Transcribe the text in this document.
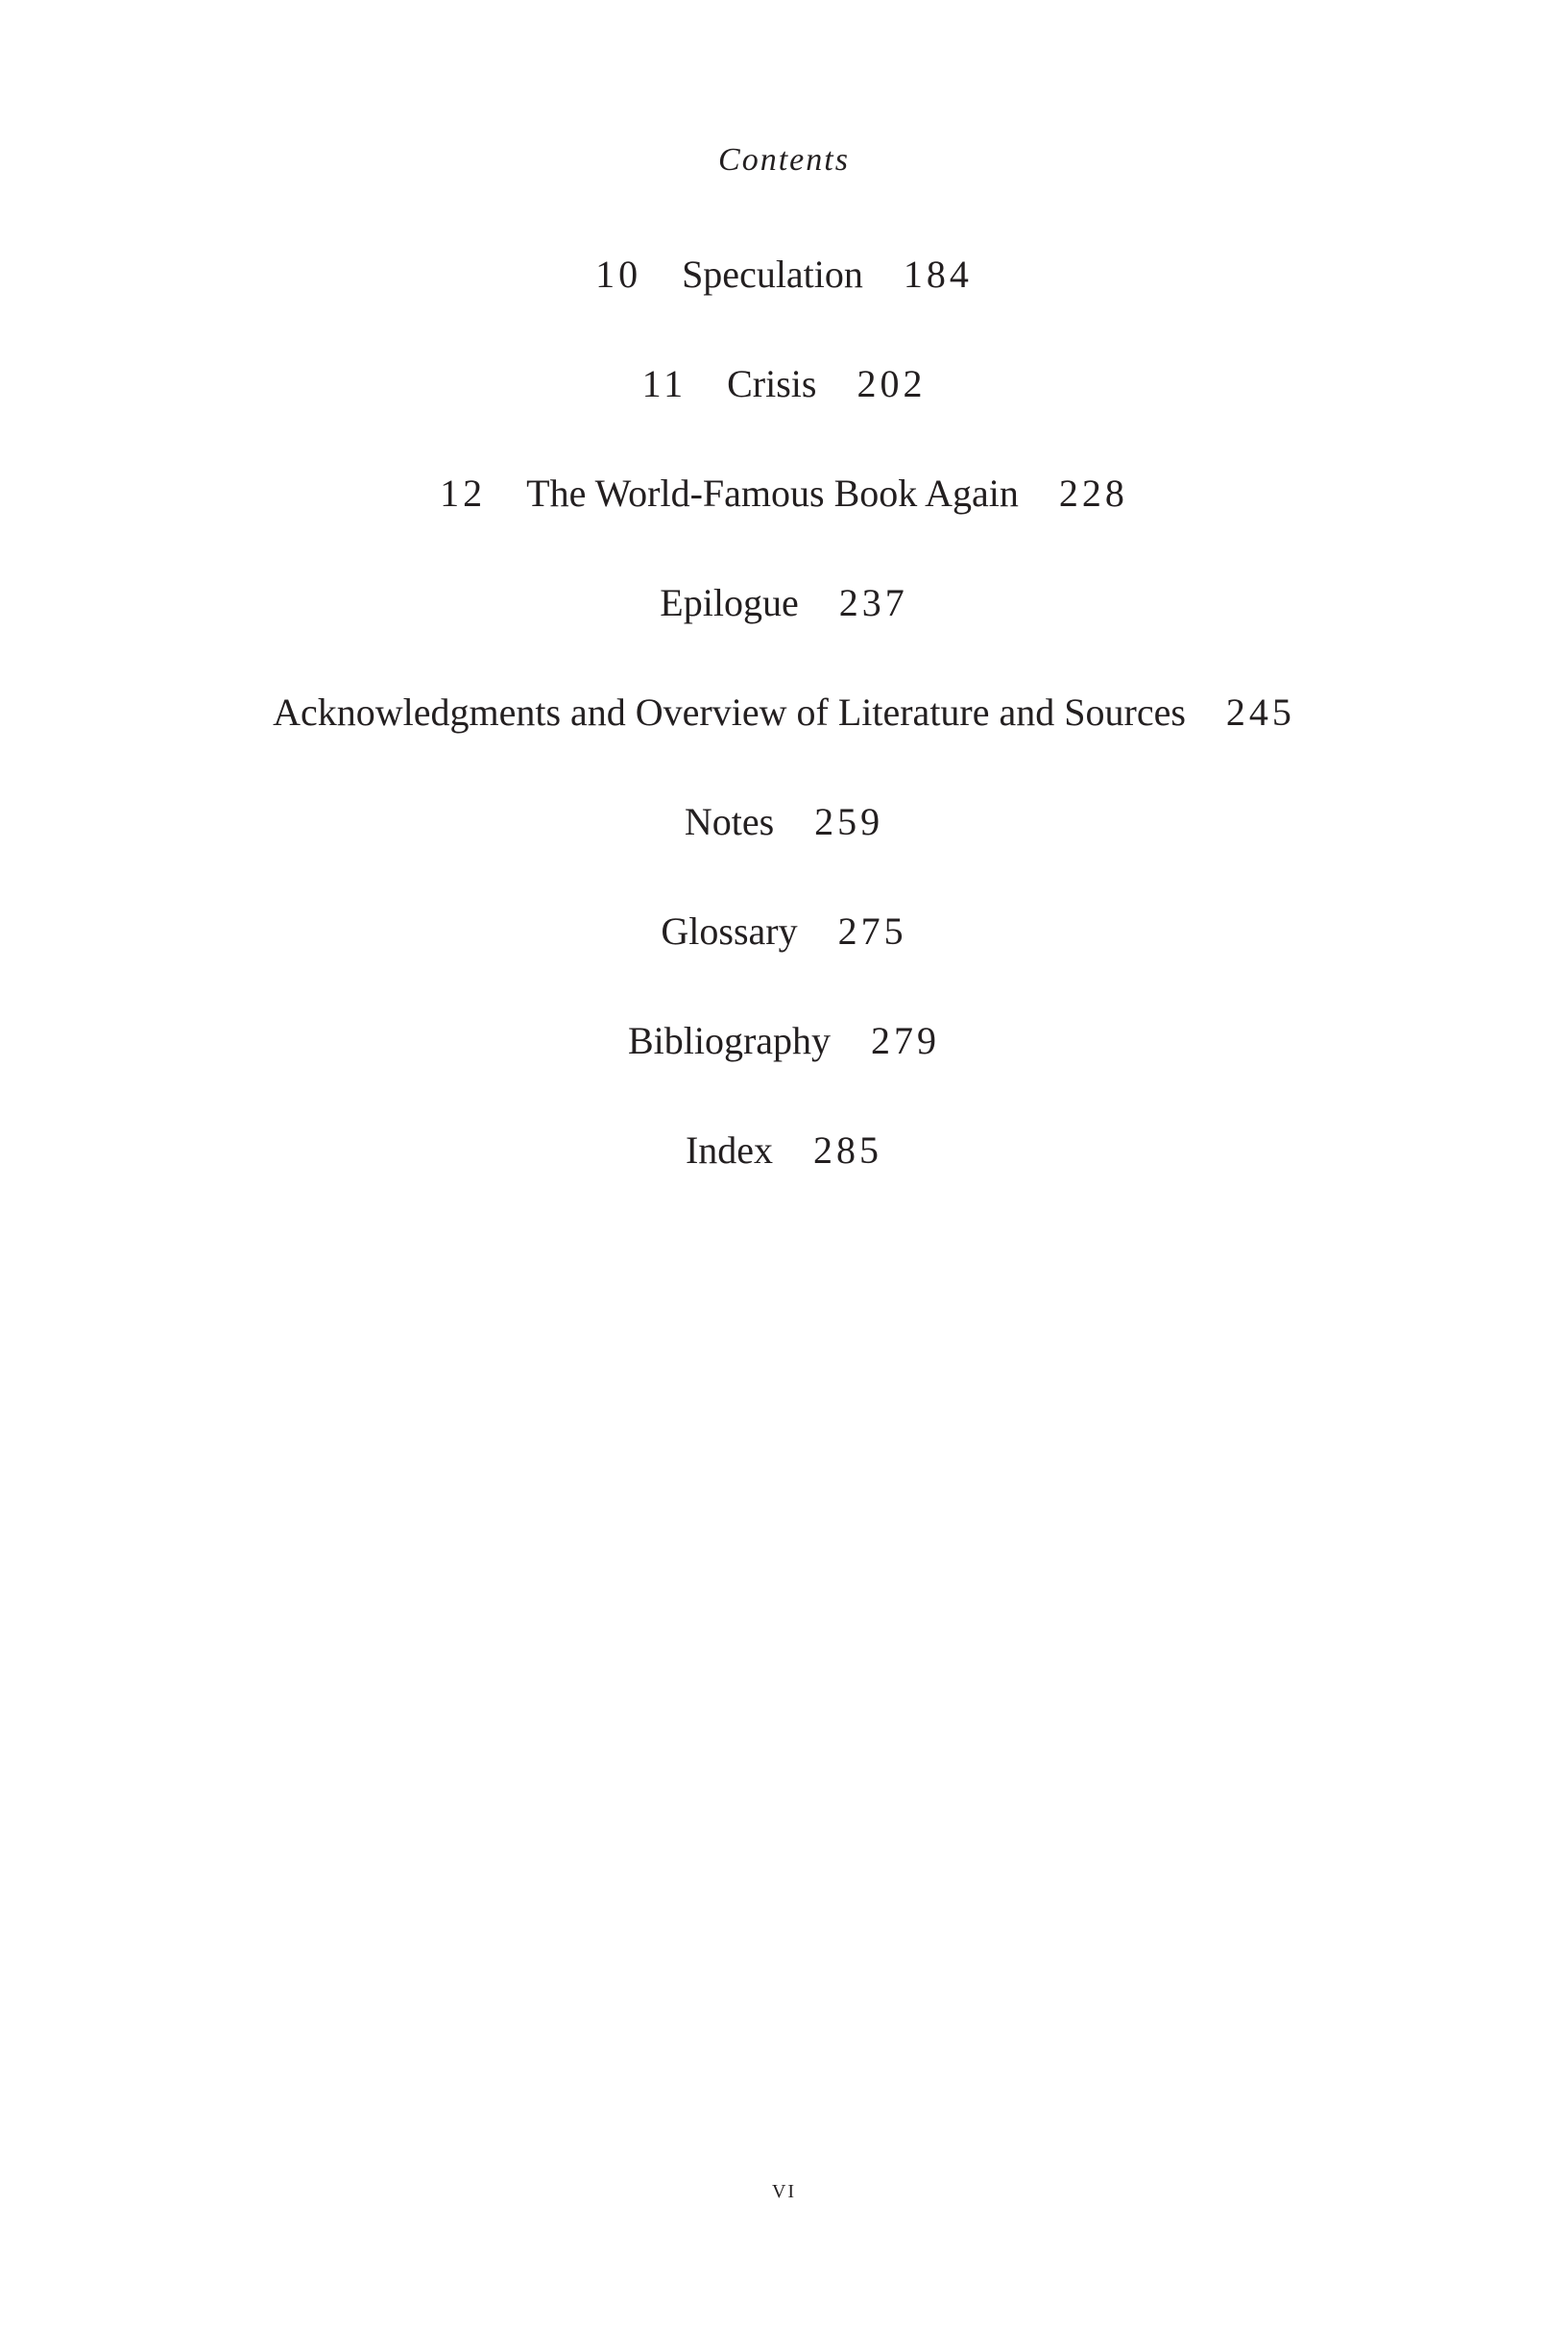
Contents
10 Speculation 184
11 Crisis 202
12 The World-Famous Book Again 228
Epilogue 237
Acknowledgments and Overview of Literature and Sources 245
Notes 259
Glossary 275
Bibliography 279
Index 285
vi
